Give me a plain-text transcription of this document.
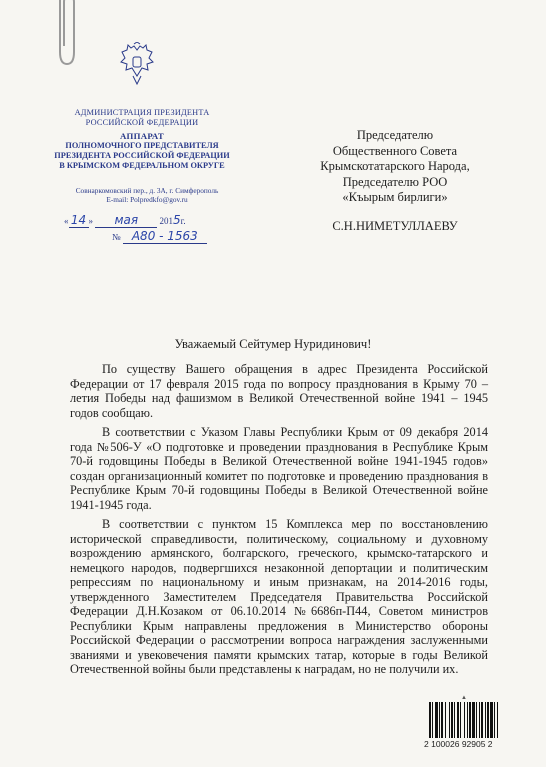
АДМИНИСТРАЦИЯ ПРЕЗИДЕНТА
РОССИЙСКОЙ ФЕДЕРАЦИИ
АППАРАТ
ПОЛНОМОЧНОГО ПРЕДСТАВИТЕЛЯ
ПРЕЗИДЕНТА РОССИЙСКОЙ ФЕДЕРАЦИИ
В КРЫМСКОМ ФЕДЕРАЛЬНОМ ОКРУГЕ
Совнаркомовский пер., д. 3А, г. Симферополь
E-mail: Polpredkfo@gov.ru
« 14 » мая 2015г.
№ А80 - 1563
Председателю
Общественного Совета
Крымскотатарского Народа,
Председателю РОО
«Къырым бирлиги»
С.Н.НИМЕТУЛЛАЕВУ
Уважаемый Сейтумер Нуридинович!

По существу Вашего обращения в адрес Президента Российской Федерации от 17 февраля 2015 года по вопросу празднования в Крыму 70 – летия Победы над фашизмом в Великой Отечественной войне 1941 – 1945 годов сообщаю.

В соответствии с Указом Главы Республики Крым от 09 декабря 2014 года №506-У «О подготовке и проведении празднования в Республике Крым 70-й годовщины Победы в Великой Отечественной войне 1941-1945 годов» создан организационный комитет по подготовке и проведению празднования в Республике Крым 70-й годовщины Победы в Великой Отечественной войне 1941-1945 года.

В соответствии с пунктом 15 Комплекса мер по восстановлению исторической справедливости, политическому, социальному и духовному возрождению армянского, болгарского, греческого, крымско-татарского и немецкого народов, подвергшихся незаконной депортации и политическим репрессиям по национальному и иным признакам, на 2014-2016 годы, утвержденного Заместителем Председателя Правительства Российской Федерации Д.Н.Козаком от 06.10.2014 №6686п-П44, Советом министров Республики Крым направлены предложения в Министерство обороны Российской Федерации о рассмотрении вопроса награждения заслуженными званиями и увековечения памяти крымских татар, которые в годы Великой Отечественной войны были представлены к наградам, но не получили их.

▲
2 100026 92905 2
